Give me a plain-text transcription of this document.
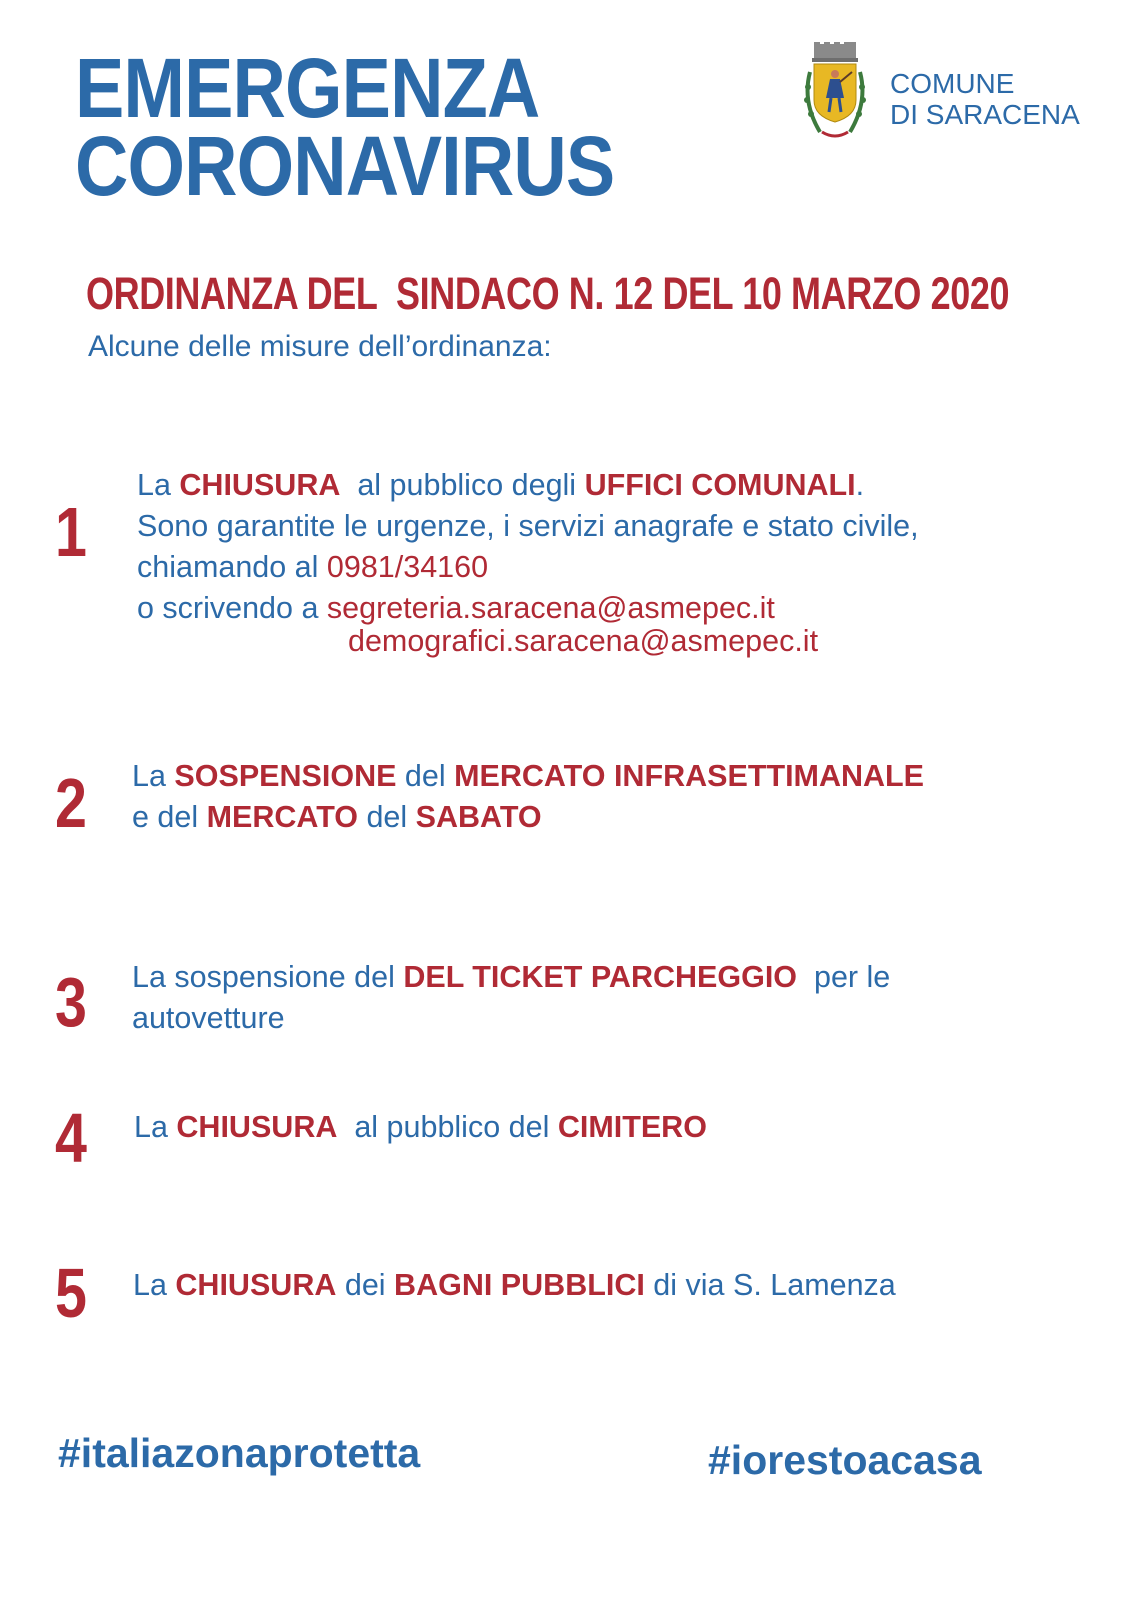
EMERGENZA
CORONAVIRUS
COMUNE
DI SARACENA
ORDINANZA DEL  SINDACO N. 12 DEL 10 MARZO 2020
Alcune delle misure dell’ordinanza:
1
La CHIUSURA  al pubblico degli UFFICI COMUNALI.
Sono garantite le urgenze, i servizi anagrafe e stato civile,
chiamando al 0981/34160
o scrivendo a segreteria.saracena@asmepec.it
demografici.saracena@asmepec.it
2 La SOSPENSIONE del MERCATO INFRASETTIMANALE
e del MERCATO del SABATO
3 La sospensione del DEL TICKET PARCHEGGIO  per le
autovetture
4 La CHIUSURA  al pubblico del CIMITERO
5 La CHIUSURA dei BAGNI PUBBLICI di via S. Lamenza
#italiazonaprotetta	#iorestoacasa
